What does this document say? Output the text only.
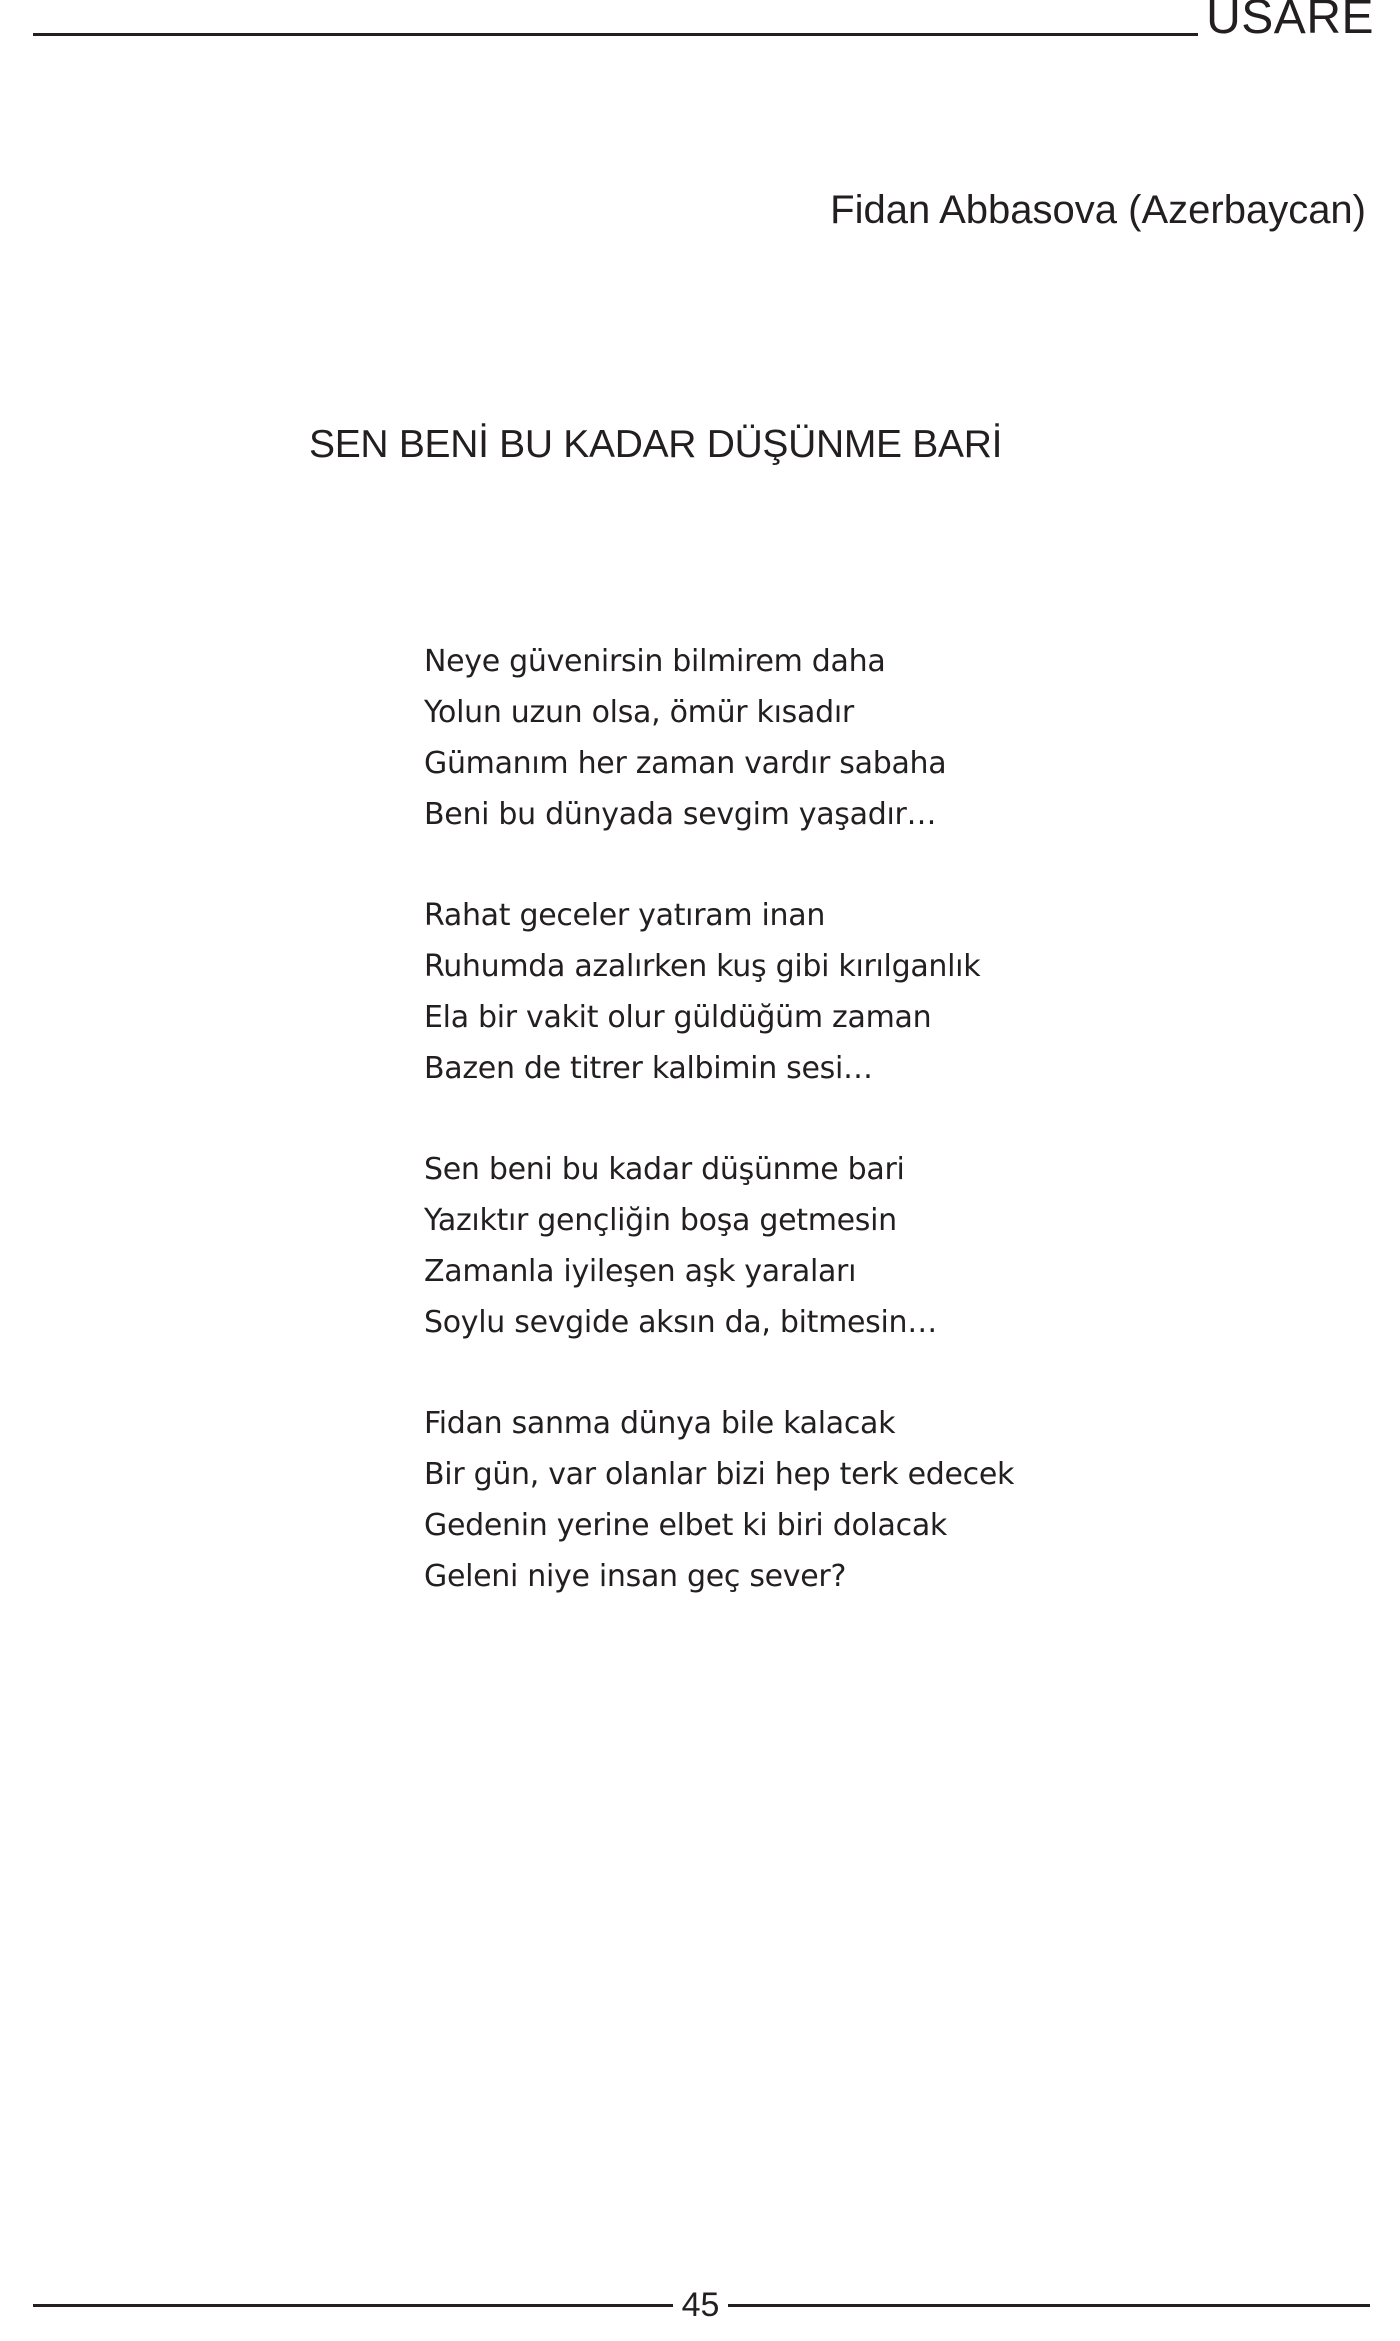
USARE
Fidan Abbasova (Azerbaycan)
SEN BENİ BU KADAR DÜŞÜNME BARİ
Neye güvenirsin bilmirem daha
Yolun uzun olsa, ömür kısadır
Gümanım her zaman vardır sabaha
Beni bu dünyada sevgim yaşadır…
Rahat geceler yatıram inan
Ruhumda azalırken kuş gibi kırılganlık
Ela bir vakit olur güldüğüm zaman
Bazen de titrer kalbimin sesi…
Sen beni bu kadar düşünme bari
Yazıktır gençliğin boşa getmesin
Zamanla iyileşen aşk yaraları
Soylu sevgide aksın da, bitmesin…
Fidan sanma dünya bile kalacak
Bir gün, var olanlar bizi hep terk edecek
Gedenin yerine elbet ki biri dolacak
Geleni niye insan geç sever?
45
